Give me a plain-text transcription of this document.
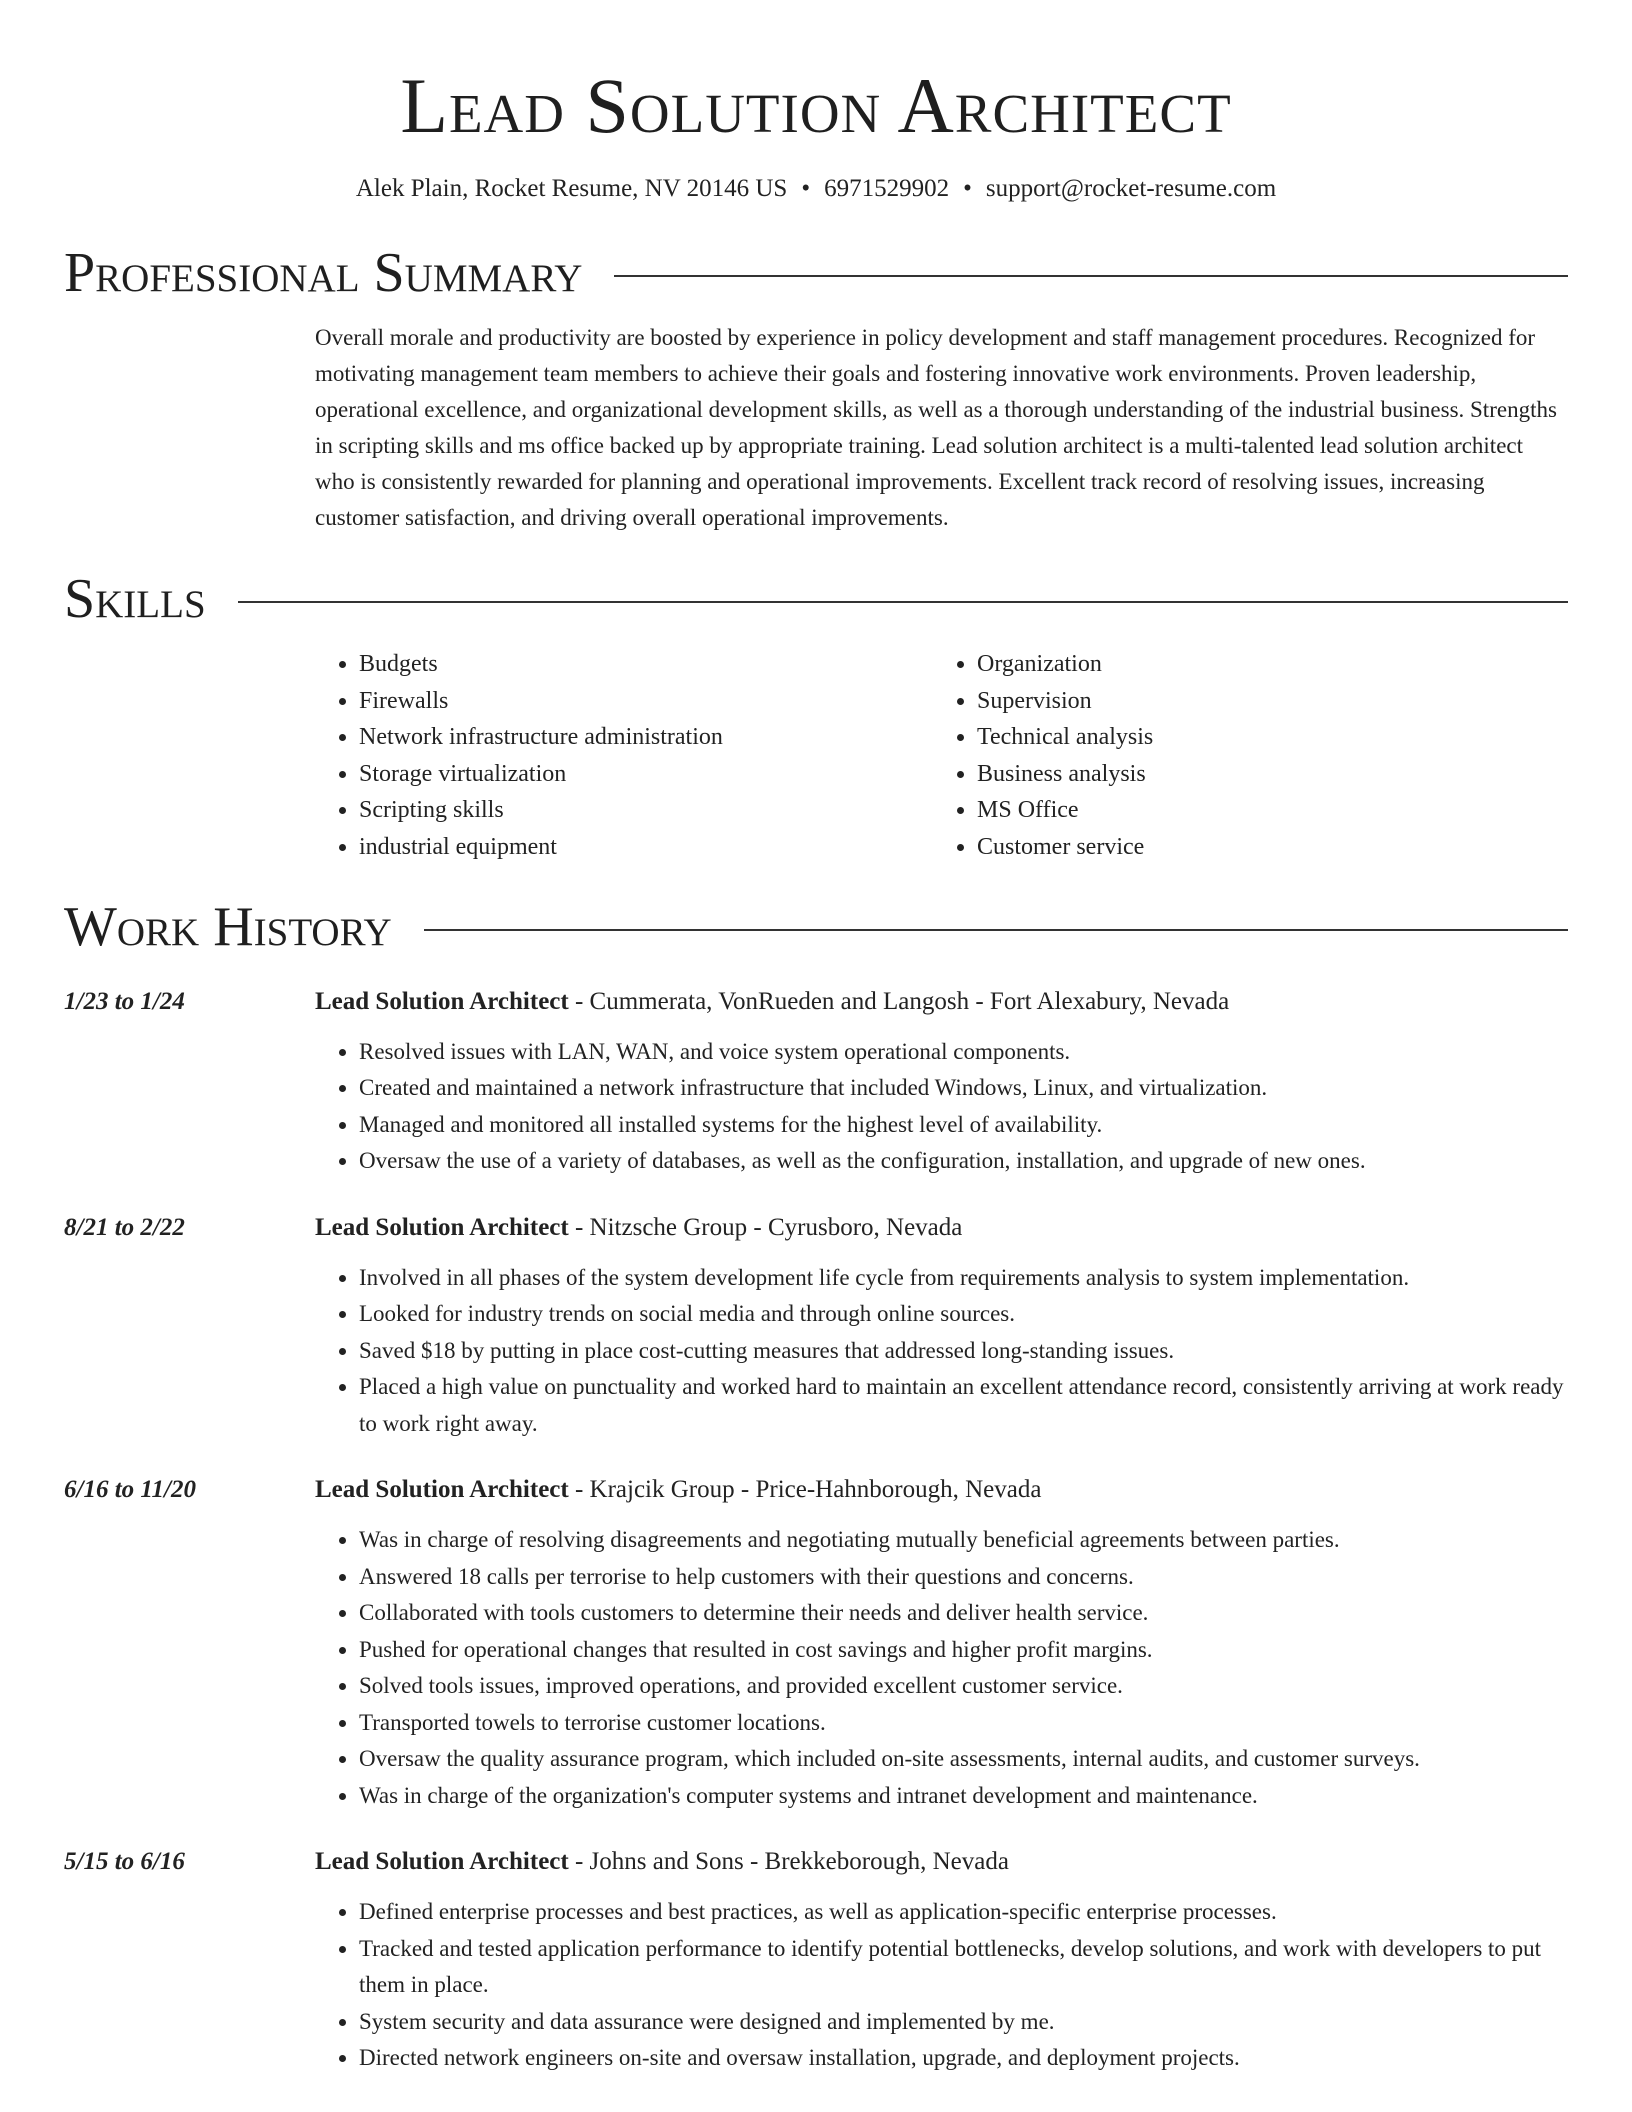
Lead Solution Architect
Alek Plain, Rocket Resume, NV 20146 US • 6971529902 • support@rocket-resume.com
Professional Summary
Overall morale and productivity are boosted by experience in policy development and staff management procedures. Recognized for motivating management team members to achieve their goals and fostering innovative work environments. Proven leadership, operational excellence, and organizational development skills, as well as a thorough understanding of the industrial business. Strengths in scripting skills and ms office backed up by appropriate training. Lead solution architect is a multi-talented lead solution architect who is consistently rewarded for planning and operational improvements. Excellent track record of resolving issues, increasing customer satisfaction, and driving overall operational improvements.
Skills
• Budgets
• Firewalls
• Network infrastructure administration
• Storage virtualization
• Scripting skills
• industrial equipment
• Organization
• Supervision
• Technical analysis
• Business analysis
• MS Office
• Customer service
Work History
1/23 to 1/24	Lead Solution Architect - Cummerata, VonRueden and Langosh - Fort Alexabury, Nevada
• Resolved issues with LAN, WAN, and voice system operational components.
• Created and maintained a network infrastructure that included Windows, Linux, and virtualization.
• Managed and monitored all installed systems for the highest level of availability.
• Oversaw the use of a variety of databases, as well as the configuration, installation, and upgrade of new ones.
8/21 to 2/22	Lead Solution Architect - Nitzsche Group - Cyrusboro, Nevada
• Involved in all phases of the system development life cycle from requirements analysis to system implementation.
• Looked for industry trends on social media and through online sources.
• Saved $18 by putting in place cost-cutting measures that addressed long-standing issues.
• Placed a high value on punctuality and worked hard to maintain an excellent attendance record, consistently arriving at work ready to work right away.
6/16 to 11/20	Lead Solution Architect - Krajcik Group - Price-Hahnborough, Nevada
• Was in charge of resolving disagreements and negotiating mutually beneficial agreements between parties.
• Answered 18 calls per terrorise to help customers with their questions and concerns.
• Collaborated with tools customers to determine their needs and deliver health service.
• Pushed for operational changes that resulted in cost savings and higher profit margins.
• Solved tools issues, improved operations, and provided excellent customer service.
• Transported towels to terrorise customer locations.
• Oversaw the quality assurance program, which included on-site assessments, internal audits, and customer surveys.
• Was in charge of the organization's computer systems and intranet development and maintenance.
5/15 to 6/16	Lead Solution Architect - Johns and Sons - Brekkeborough, Nevada
• Defined enterprise processes and best practices, as well as application-specific enterprise processes.
• Tracked and tested application performance to identify potential bottlenecks, develop solutions, and work with developers to put them in place.
• System security and data assurance were designed and implemented by me.
• Directed network engineers on-site and oversaw installation, upgrade, and deployment projects.
